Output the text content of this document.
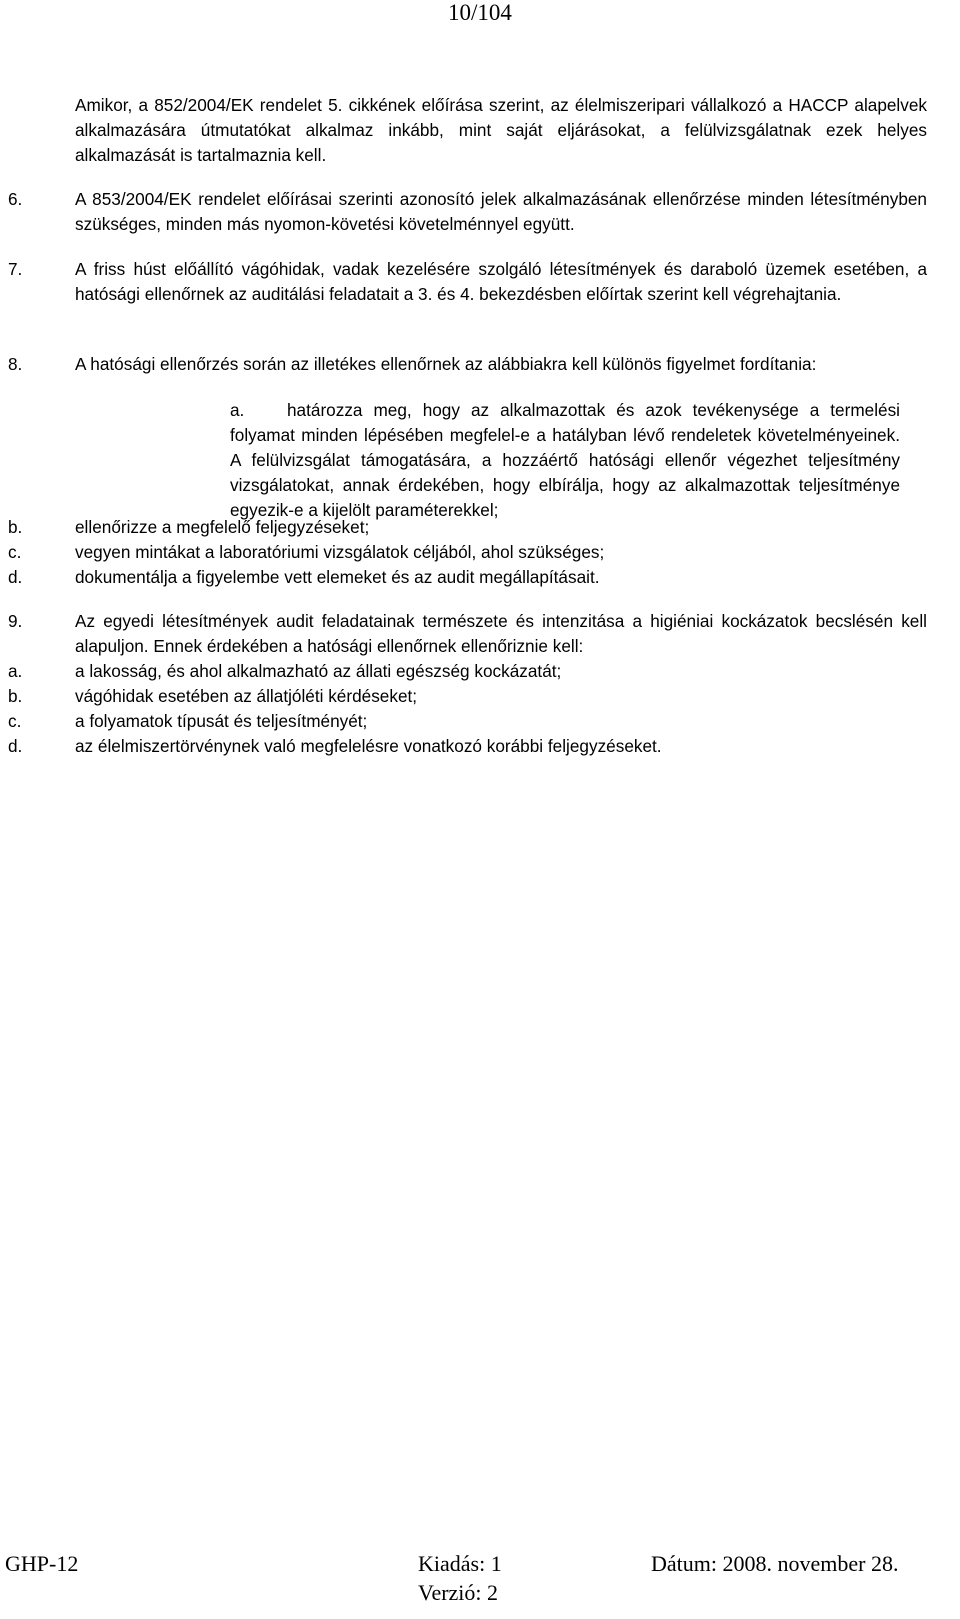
10/104
Amikor, a 852/2004/EK rendelet 5. cikkének előírása szerint, az élelmiszeripari vállalkozó a HACCP alapelvek alkalmazására útmutatókat alkalmaz inkább, mint saját eljárásokat, a felülvizsgálatnak ezek helyes alkalmazását is tartalmaznia kell.
6.	A 853/2004/EK rendelet előírásai szerinti azonosító jelek alkalmazásának ellenőrzése minden létesítményben szükséges, minden más nyomon-követési követelménnyel együtt.
7.	A friss húst előállító vágóhidak, vadak kezelésére szolgáló létesítmények és daraboló üzemek esetében, a hatósági ellenőrnek az auditálási feladatait a 3. és 4. bekezdésben előírtak szerint kell végrehajtania.
8.	A hatósági ellenőrzés során az illetékes ellenőrnek az alábbiakra kell különös figyelmet fordítania:
a.	határozza meg, hogy az alkalmazottak és azok tevékenysége a termelési folyamat minden lépésében megfelel-e a hatályban lévő rendeletek követelményeinek. A felülvizsgálat támogatására, a hozzáértő hatósági ellenőr végezhet teljesítmény vizsgálatokat, annak érdekében, hogy elbírálja, hogy az alkalmazottak teljesítménye egyezik-e a kijelölt paraméterekkel;
b.	ellenőrizze a megfelelő feljegyzéseket;
c.	vegyen mintákat a laboratóriumi vizsgálatok céljából, ahol szükséges;
d.	dokumentálja a figyelembe vett elemeket és az audit megállapításait.
9.	Az egyedi létesítmények audit feladatainak természete és intenzitása a higiéniai kockázatok becslésén kell alapuljon. Ennek érdekében a hatósági ellenőrnek ellenőriznie kell:
a.	a lakosság, és ahol alkalmazható az állati egészség kockázatát;
b.	vágóhidak esetében az állatjóléti kérdéseket;
c.	a folyamatok típusát és teljesítményét;
d.	az élelmiszertörvénynek való megfelelésre vonatkozó korábbi feljegyzéseket.
GHP-12	Kiadás: 1	Dátum: 2008. november 28.
Verzió: 2
